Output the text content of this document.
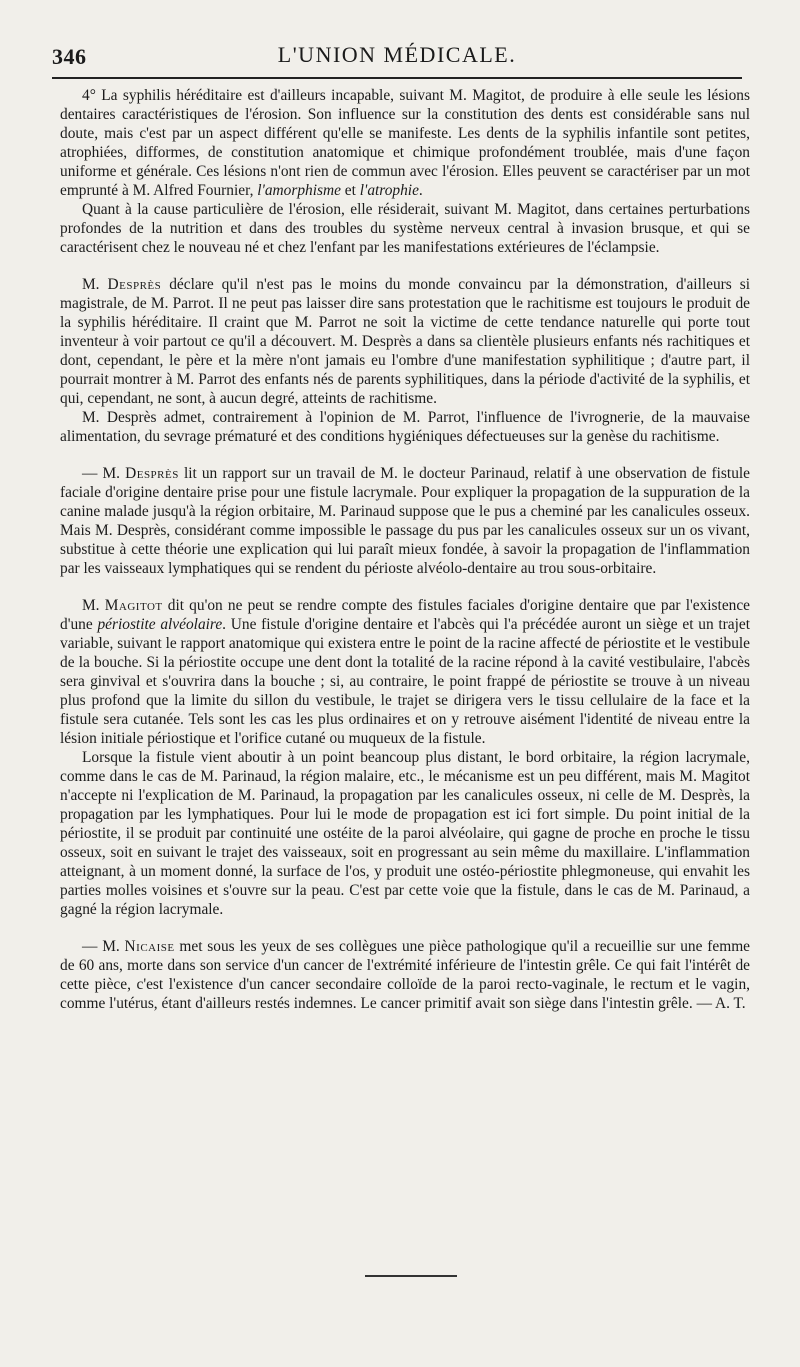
346	L'UNION MÉDICALE.

4° La syphilis héréditaire est d'ailleurs incapable, suivant M. Magitot, de produire à elle seule les lésions dentaires caractéristiques de l'érosion. Son influence sur la constitution des dents est considérable sans nul doute, mais c'est par un aspect différent qu'elle se manifeste. Les dents de la syphilis infantile sont petites, atrophiées, difformes, de constitution anatomique et chimique profondément troublée, mais d'une façon uniforme et générale. Ces lésions n'ont rien de commun avec l'érosion. Elles peuvent se caractériser par un mot emprunté à M. Alfred Fournier, l'amorphisme et l'atrophie.

Quant à la cause particulière de l'érosion, elle résiderait, suivant M. Magitot, dans certaines perturbations profondes de la nutrition et dans des troubles du système nerveux central à invasion brusque, et qui se caractérisent chez le nouveau né et chez l'enfant par les manifestations extérieures de l'éclampsie.

M. Desprès déclare qu'il n'est pas le moins du monde convaincu par la démonstration, d'ailleurs si magistrale, de M. Parrot. Il ne peut pas laisser dire sans protestation que le rachitisme est toujours le produit de la syphilis héréditaire. Il craint que M. Parrot ne soit la victime de cette tendance naturelle qui porte tout inventeur à voir partout ce qu'il a découvert. M. Desprès a dans sa clientèle plusieurs enfants nés rachitiques et dont, cependant, le père et la mère n'ont jamais eu l'ombre d'une manifestation syphilitique ; d'autre part, il pourrait montrer à M. Parrot des enfants nés de parents syphilitiques, dans la période d'activité de la syphilis, et qui, cependant, ne sont, à aucun degré, atteints de rachitisme.

M. Desprès admet, contrairement à l'opinion de M. Parrot, l'influence de l'ivrognerie, de la mauvaise alimentation, du sevrage prématuré et des conditions hygiéniques défectueuses sur la genèse du rachitisme.

— M. Desprès lit un rapport sur un travail de M. le docteur Parinaud, relatif à une observation de fistule faciale d'origine dentaire prise pour une fistule lacrymale. Pour expliquer la propagation de la suppuration de la canine malade jusqu'à la région orbitaire, M. Parinaud suppose que le pus a cheminé par les canalicules osseux. Mais M. Desprès, considérant comme impossible le passage du pus par les canalicules osseux sur un os vivant, substitue à cette théorie une explication qui lui paraît mieux fondée, à savoir la propagation de l'inflammation par les vaisseaux lymphatiques qui se rendent du périoste alvéolo-dentaire au trou sous-orbitaire.

M. Magitot dit qu'on ne peut se rendre compte des fistules faciales d'origine dentaire que par l'existence d'une périostite alvéolaire. Une fistule d'origine dentaire et l'abcès qui l'a précédée auront un siège et un trajet variable, suivant le rapport anatomique qui existera entre le point de la racine affecté de périostite et le vestibule de la bouche. Si la périostite occupe une dent dont la totalité de la racine répond à la cavité vestibulaire, l'abcès sera ginvival et s'ouvrira dans la bouche ; si, au contraire, le point frappé de périostite se trouve à un niveau plus profond que la limite du sillon du vestibule, le trajet se dirigera vers le tissu cellulaire de la face et la fistule sera cutanée. Tels sont les cas les plus ordinaires et on y retrouve aisément l'identité de niveau entre la lésion initiale périostique et l'orifice cutané ou muqueux de la fistule.

Lorsque la fistule vient aboutir à un point beancoup plus distant, le bord orbitaire, la région lacrymale, comme dans le cas de M. Parinaud, la région malaire, etc., le mécanisme est un peu différent, mais M. Magitot n'accepte ni l'explication de M. Parinaud, la propagation par les canalicules osseux, ni celle de M. Desprès, la propagation par les lymphatiques. Pour lui le mode de propagation est ici fort simple. Du point initial de la périostite, il se produit par continuité une ostéite de la paroi alvéolaire, qui gagne de proche en proche le tissu osseux, soit en suivant le trajet des vaisseaux, soit en progressant au sein même du maxillaire. L'inflammation atteignant, à un moment donné, la surface de l'os, y produit une ostéo-périostite phlegmoneuse, qui envahit les parties molles voisines et s'ouvre sur la peau. C'est par cette voie que la fistule, dans le cas de M. Parinaud, a gagné la région lacrymale.

— M. Nicaise met sous les yeux de ses collègues une pièce pathologique qu'il a recueillie sur une femme de 60 ans, morte dans son service d'un cancer de l'extrémité inférieure de l'intestin grêle. Ce qui fait l'intérêt de cette pièce, c'est l'existence d'un cancer secondaire colloïde de la paroi recto-vaginale, le rectum et le vagin, comme l'utérus, étant d'ailleurs restés indemnes. Le cancer primitif avait son siège dans l'intestin grêle. — A. T.
